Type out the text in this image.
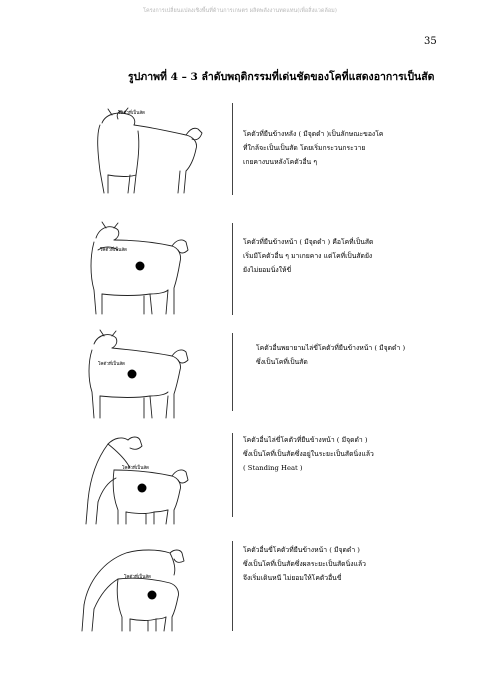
โครงการเปลี่ยนแปลงเชิงพื้นที่ด้านการเกษตร ผลิตพลังงานทดแทน(เพื่อสิ่งแวดล้อม)
35
รูปภาพที่ 4 – 3 ลำดับพฤติกรรมที่เด่นชัดของโคที่แสดงอาการเป็นสัด
โคตัวที่เป็นสัด
โคตัวที่ยืนข้างหลัง ( มีจุดดำ )เป็นลักษณะของโค
ที่ใกล้จะเป็นเป็นสัด โดยเริ่มกระวนกระวาย
เกยคางบนหลังโคตัวอื่น ๆ
โคตัวที่เป็นสัด
โคตัวที่ยืนข้างหน้า ( มีจุดดำ ) คือโคที่เป็นสัด
เริ่มมีโคตัวอื่น ๆ มาเกยคาง แต่โคที่เป็นสัดยัง
ยังไม่ยอมนิ่งให้ขี่
โคตัวที่เป็นสัด
โคตัวอื่นพยายามไล่ขี่โคตัวที่ยืนข้างหน้า ( มีจุดดำ )
ซึ่งเป็นโคที่เป็นสัด
โคตัวที่เป็นสัด
โคตัวอื่นไล่ขี่โคตัวที่ยืนข้างหน้า ( มีจุดดำ )
ซึ่งเป็นโคที่เป็นสัดซึ่งอยู่ในระยะเป็นสัดนิ่งแล้ว
( Standing Heat )
โคตัวที่เป็นสัด
โคตัวอื่นขี่โคตัวที่ยืนข้างหน้า ( มีจุดดำ )
ซึ่งเป็นโคที่เป็นสัดซึ่งผลระยะเป็นสัดนิ่งแล้ว
จึงเริ่มเดินหนี ไม่ยอมให้โคตัวอื่นขี่
